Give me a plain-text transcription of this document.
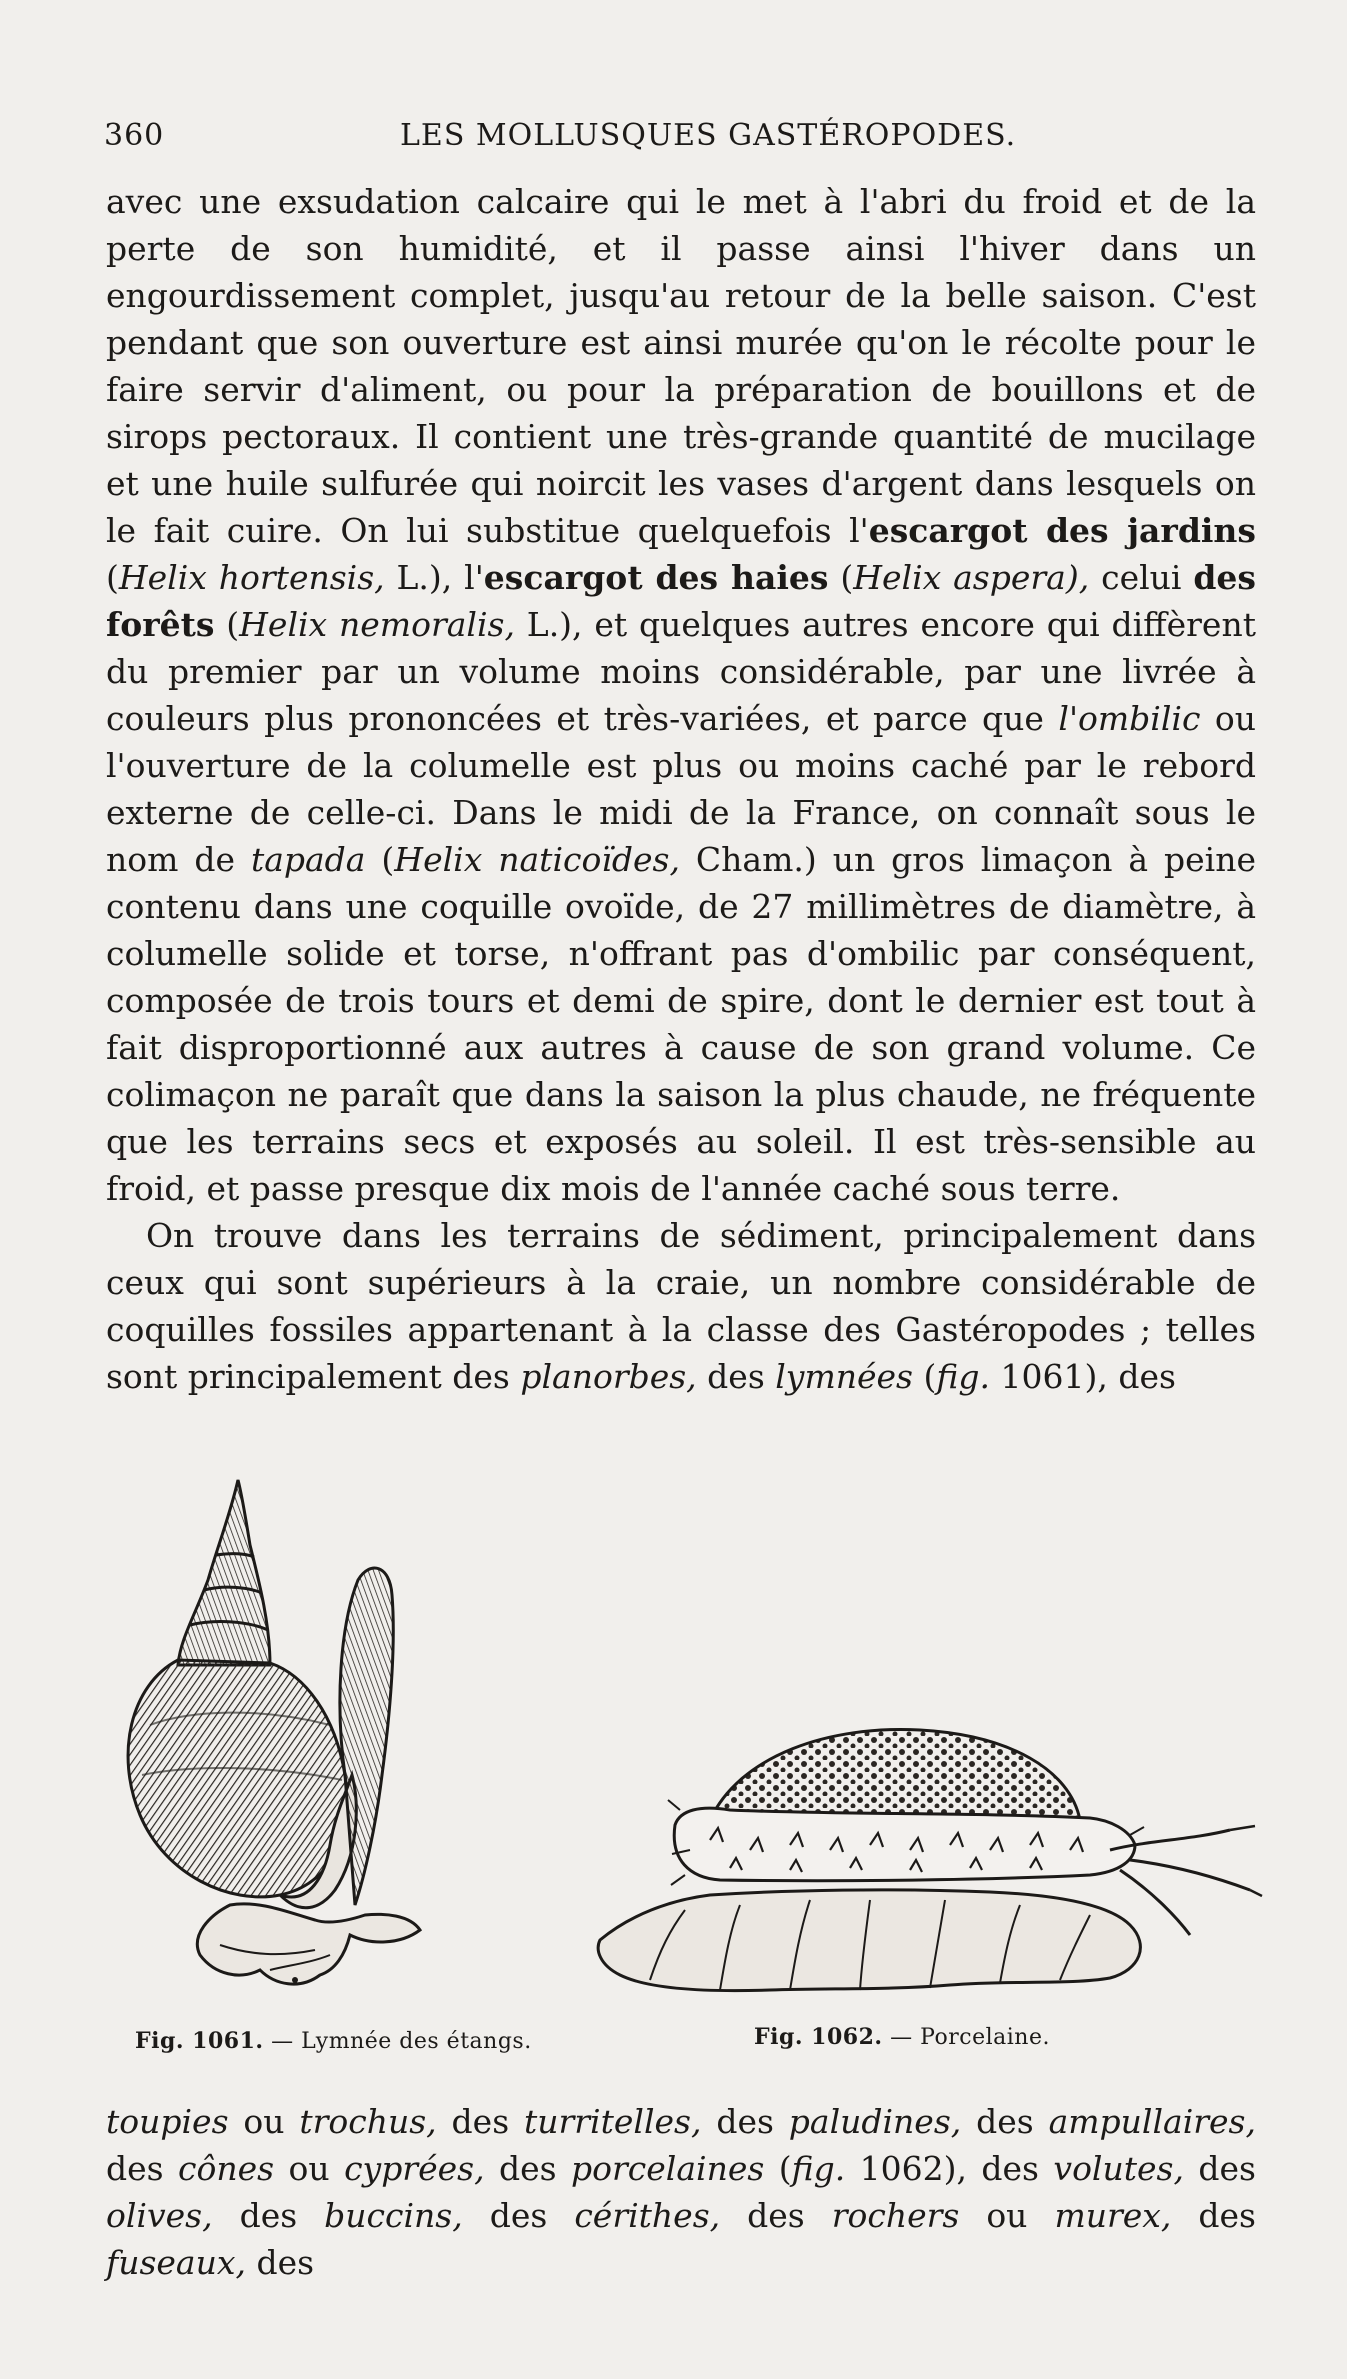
360	LES MOLLUSQUES GASTÉROPODES.

avec une exsudation calcaire qui le met à l'abri du froid et de la perte de son humidité, et il passe ainsi l'hiver dans un engourdissement complet, jusqu'au retour de la belle saison. C'est pendant que son ouverture est ainsi murée qu'on le récolte pour le faire servir d'aliment, ou pour la préparation de bouillons et de sirops pectoraux. Il contient une très-grande quantité de mucilage et une huile sulfurée qui noircit les vases d'argent dans lesquels on le fait cuire. On lui substitue quelquefois l'escargot des jardins (Helix hortensis, L.), l'escargot des haies (Helix aspera), celui des forêts (Helix nemoralis, L.), et quelques autres encore qui diffèrent du premier par un volume moins considérable, par une livrée à couleurs plus prononcées et très-variées, et parce que l'ombilic ou l'ouverture de la columelle est plus ou moins caché par le rebord externe de celle-ci. Dans le midi de la France, on connaît sous le nom de tapada (Helix naticoïdes, Cham.) un gros limaçon à peine contenu dans une coquille ovoïde, de 27 millimètres de diamètre, à columelle solide et torse, n'offrant pas d'ombilic par conséquent, composée de trois tours et demi de spire, dont le dernier est tout à fait disproportionné aux autres à cause de son grand volume. Ce colimaçon ne paraît que dans la saison la plus chaude, ne fréquente que les terrains secs et exposés au soleil. Il est très-sensible au froid, et passe presque dix mois de l'année caché sous terre.

On trouve dans les terrains de sédiment, principalement dans ceux qui sont supérieurs à la craie, un nombre considérable de coquilles fossiles appartenant à la classe des Gastéropodes ; telles sont principalement des planorbes, des lymnées (fig. 1061), des

Fig. 1061. — Lymnée des étangs.	Fig. 1062. — Porcelaine.

toupies ou trochus, des turritelles, des paludines, des ampullaires, des cônes ou cyprées, des porcelaines (fig. 1062), des volutes, des olives, des buccins, des cérithes, des rochers ou murex, des fuseaux, des
